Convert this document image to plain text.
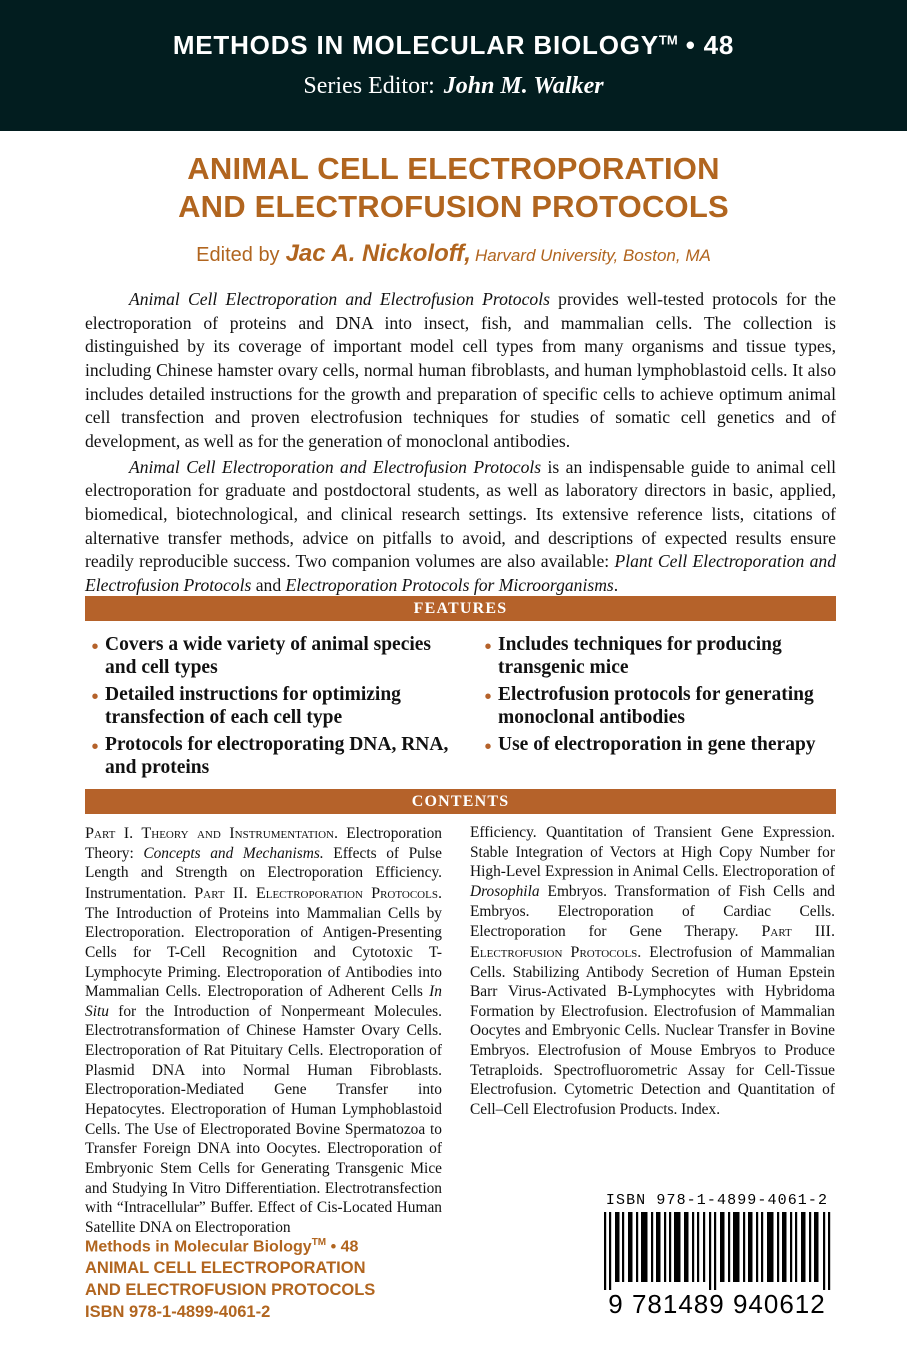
METHODS IN MOLECULAR BIOLOGY™ • 48
Series Editor: John M. Walker
ANIMAL CELL ELECTROPORATION
AND ELECTROFUSION PROTOCOLS
Edited by Jac A. Nickoloff, Harvard University, Boston, MA

Animal Cell Electroporation and Electrofusion Protocols provides well-tested protocols for the electroporation of proteins and DNA into insect, fish, and mammalian cells. The collection is distinguished by its coverage of important model cell types from many organisms and tissue types, including Chinese hamster ovary cells, normal human fibroblasts, and human lymphoblastoid cells. It also includes detailed instructions for the growth and preparation of specific cells to achieve optimum animal cell transfection and proven electrofusion techniques for studies of somatic cell genetics and of development, as well as for the generation of monoclonal antibodies.

Animal Cell Electroporation and Electrofusion Protocols is an indispensable guide to animal cell electroporation for graduate and postdoctoral students, as well as laboratory directors in basic, applied, biomedical, biotechnological, and clinical research settings. Its extensive reference lists, citations of alternative transfer methods, advice on pitfalls to avoid, and descriptions of expected results ensure readily reproducible success. Two companion volumes are also available: Plant Cell Electroporation and Electrofusion Protocols and Electroporation Protocols for Microorganisms.

FEATURES
• Covers a wide variety of animal species and cell types
• Detailed instructions for optimizing transfection of each cell type
• Protocols for electroporating DNA, RNA, and proteins
• Includes techniques for producing transgenic mice
• Electrofusion protocols for generating monoclonal antibodies
• Use of electroporation in gene therapy
CONTENTS
Part I. Theory and Instrumentation. Electroporation Theory: Concepts and Mechanisms. Effects of Pulse Length and Strength on Electroporation Efficiency. Instrumentation. Part II. Electroporation Protocols. The Introduction of Proteins into Mammalian Cells by Electroporation. Electroporation of Antigen-Presenting Cells for T-Cell Recognition and Cytotoxic T-Lymphocyte Priming. Electroporation of Antibodies into Mammalian Cells. Electroporation of Adherent Cells In Situ for the Introduction of Nonpermeant Molecules. Electrotransformation of Chinese Hamster Ovary Cells. Electroporation of Rat Pituitary Cells. Electroporation of Plasmid DNA into Normal Human Fibroblasts. Electroporation-Mediated Gene Transfer into Hepatocytes. Electroporation of Human Lymphoblastoid Cells. The Use of Electroporated Bovine Spermatozoa to Transfer Foreign DNA into Oocytes. Electroporation of Embryonic Stem Cells for Generating Transgenic Mice and Studying In Vitro Differentiation. Electrotransfection with “Intracellular” Buffer. Effect of Cis-Located Human Satellite DNA on Electroporation
Efficiency. Quantitation of Transient Gene Expression. Stable Integration of Vectors at High Copy Number for High-Level Expression in Animal Cells. Electroporation of Drosophila Embryos. Transformation of Fish Cells and Embryos. Electroporation of Cardiac Cells. Electroporation for Gene Therapy. Part III. Electrofusion Protocols. Electrofusion of Mammalian Cells. Stabilizing Antibody Secretion of Human Epstein Barr Virus-Activated B-Lymphocytes with Hybridoma Formation by Electrofusion. Electrofusion of Mammalian Oocytes and Embryonic Cells. Nuclear Transfer in Bovine Embryos. Electrofusion of Mouse Embryos to Produce Tetraploids. Spectrofluorometric Assay for Cell-Tissue Electrofusion. Cytometric Detection and Quantitation of Cell–Cell Electrofusion Products. Index.
Methods in Molecular Biology™ • 48
ANIMAL CELL ELECTROPORATION
AND ELECTROFUSION PROTOCOLS
ISBN 978-1-4899-4061-2
ISBN 978-1-4899-4061-2
9 781489 940612
